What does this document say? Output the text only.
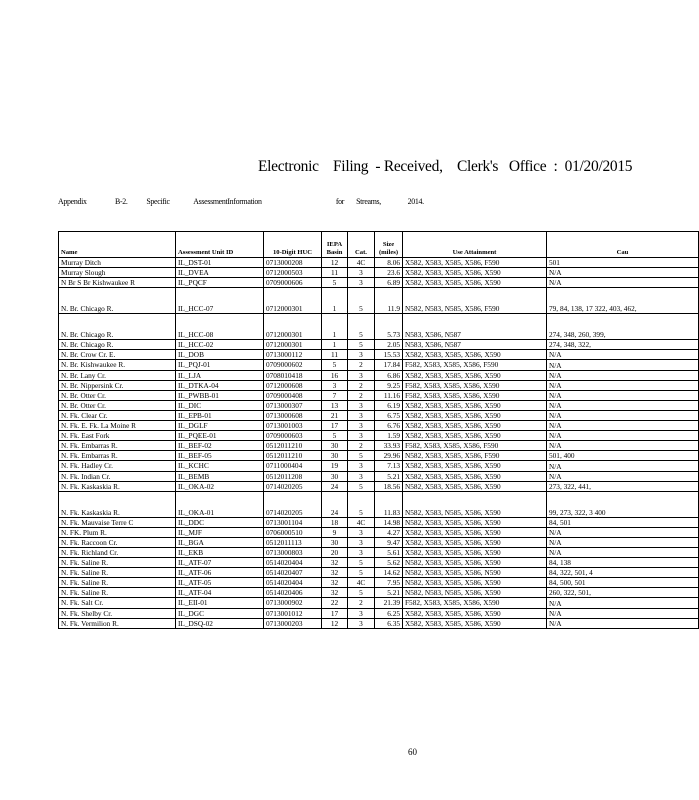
Electronic    Filing  - Received,    Clerk's   Office  :  01/20/2015
Appendix	B-2. Specific	AssessmentInformation	for Streams,	2014.
Name	Assessment Unit ID	10-Digit HUC	IEPA Basin	Cat.	Size (miles)	Use Attainment	Cau
Murray Ditch	IL_DST-01	0713000208	12	4C	8.06	X582, X583, X585, X586, F590	501
Murray Slough	IL_DVEA	0712000503	11	3	23.6	X582, X583, X585, X586, X590	N/A
N Br S Br Kishwaukee R	IL_PQCF	0709000606	5	3	6.89	X582, X583, X585, X586, X590	N/A
N. Br. Chicago R.	IL_HCC-07	0712000301	1	5	11.9	N582, N583, N585, X586, F590	79, 84, 138, 17 322, 403, 462,
N. Br. Chicago R.	IL_HCC-08	0712000301	1	5	5.73	N583, X586, N587	274, 348, 260, 399,
N. Br. Chicago R.	IL_HCC-02	0712000301	1	5	2.05	N583, X586, N587	274, 348, 322,
N. Br. Crow Cr. E.	IL_DOB	0713000112	11	3	15.53	X582, X583, X585, X586, X590	N/A
N. Br. Kishwaukee R.	IL_PQJ-01	0709000602	5	2	17.84	F582, X583, X585, X586, F590	N/A
N. Br. Lany Cr.	IL_LJA	0708010418	16	3	6.86	X582, X583, X585, X586, X590	N/A
N. Br. Nippersink Cr.	IL_DTKA-04	0712000608	3	2	9.25	F582, X583, X585, X586, X590	N/A
N. Br. Otter Cr.	IL_PWBB-01	0709000408	7	2	11.16	F582, X583, X585, X586, X590	N/A
N. Br. Otter Cr.	IL_DIC	0713000307	13	3	6.19	X582, X583, X585, X586, X590	N/A
N. Fk. Clear Cr.	IL_EPB-01	0713000608	21	3	6.75	X582, X583, X585, X586, X590	N/A
N. Fk. E. Fk. La Moine R	IL_DGLF	0713001003	17	3	6.76	X582, X583, X585, X586, X590	N/A
N. Fk. East Fork	IL_PQEE-01	0709000603	5	3	1.59	X582, X583, X585, X586, X590	N/A
N. Fk. Embarras R.	IL_BEF-02	0512011210	30	2	33.93	F582, X583, X585, X586, F590	N/A
N. Fk. Embarras R.	IL_BEF-05	0512011210	30	5	29.96	N582, X583, X585, X586, F590	501, 400
N. Fk. Hadley Cr.	IL_KCHC	0711000404	19	3	7.13	X582, X583, X585, X586, X590	N/A
N. Fk. Indian Cr.	IL_BEMB	0512011208	30	3	5.21	X582, X583, X585, X586, X590	N/A
N. Fk. Kaskaskia R.	IL_OKA-02	0714020205	24	5	18.56	N582, X583, X585, X586, X590	273, 322, 441,
N. Fk. Kaskaskia R.	IL_OKA-01	0714020205	24	5	11.83	N582, X583, N585, X586, X590	99, 273, 322, 3 400
N. Fk. Mauvaise Terre C	IL_DDC	0713001104	18	4C	14.98	N582, X583, X585, X586, X590	84, 501
N. FK. Plum R.	IL_MJF	0706000510	9	3	4.27	X582, X583, X585, X586, X590	N/A
N. Fk. Raccoon Cr.	IL_BGA	0512011113	30	3	9.47	X582, X583, X585, X586, X590	N/A
N. Fk. Richland Cr.	IL_EKB	0713000803	20	3	5.61	X582, X583, X585, X586, X590	N/A
N. Fk. Saline R.	IL_ATF-07	0514020404	32	5	5.62	N582, X583, X585, X586, X590	84, 138
N. Fk. Saline R.	IL_ATF-06	0514020407	32	5	14.62	N582, X583, X585, X586, N590	84, 322, 501, 4
N. Fk. Saline R.	IL_ATF-05	0514020404	32	4C	7.95	N582, X583, X585, X586, X590	84, 500, 501
N. Fk. Saline R.	IL_ATF-04	0514020406	32	5	5.21	N582, N583, N585, X586, X590	260, 322, 501,
N. Fk. Salt Cr.	IL_EII-01	0713000902	22	2	21.39	F582, X583, X585, X586, X590	N/A
N. Fk. Shelby Cr.	IL_DGC	0713001012	17	3	6.25	X582, X583, X585, X586, X590	N/A
N. Fk. Vermilion R.	IL_DSQ-02	0713000203	12	3	6.35	X582, X583, X585, X586, X590	N/A
60
